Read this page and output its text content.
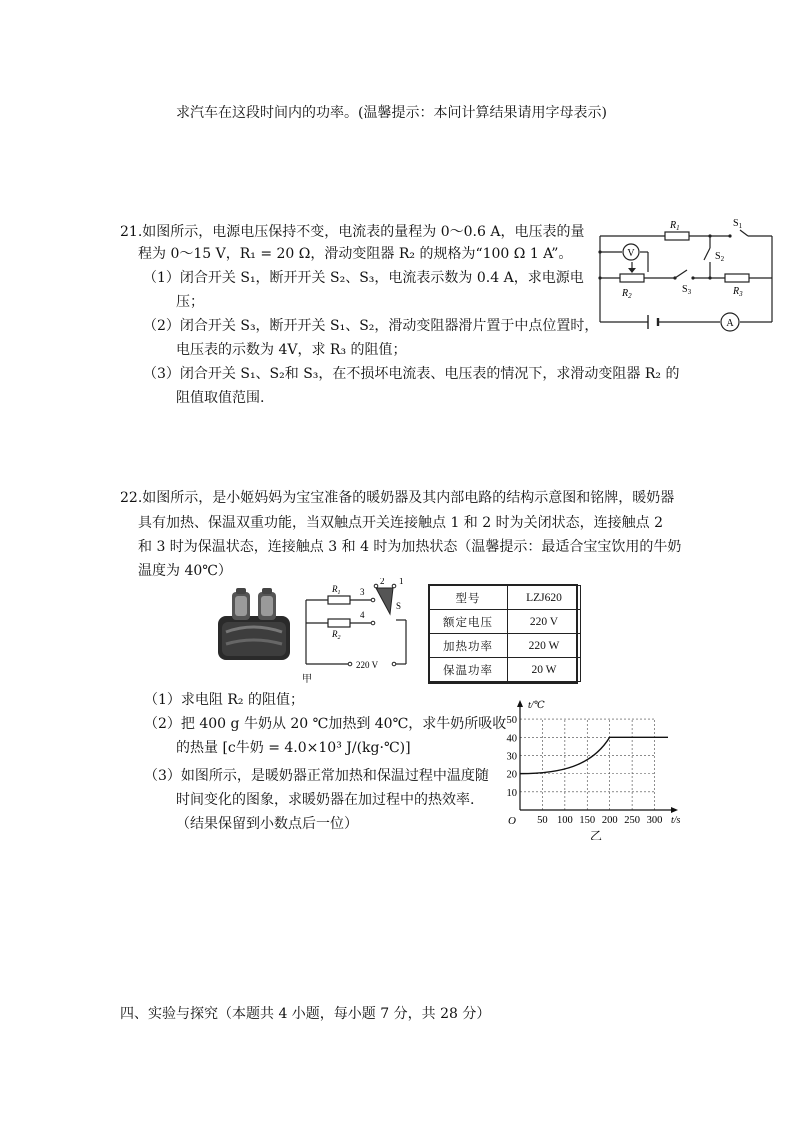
求汽车在这段时间内的功率。(温馨提示：本问计算结果请用字母表示)
21.如图所示，电源电压保持不变，电流表的量程为 0～0.6 A，电压表的量
程为 0～15 V，R₁ = 20 Ω，滑动变阻器 R₂ 的规格为“100 Ω 1 A”。
（1）闭合开关 S₁，断开开关 S₂、S₃，电流表示数为 0.4 A，求电源电
压；
（2）闭合开关 S₃，断开开关 S₁、S₂，滑动变阻器滑片置于中点位置时，
电压表的示数为 4V，求 R₃ 的阻值；
（3）闭合开关 S₁、S₂和 S₃，在不损坏电流表、电压表的情况下，求滑动变阻器 R₂ 的
阻值取值范围.
V
A
$R_1$
$R_2$	$R_3$
$S_1$
$S_2$
$S_3$
22.如图所示，是小姬妈妈为宝宝准备的暖奶器及其内部电路的结构示意图和铭牌，暖奶器
具有加热、保温双重功能，当双触点开关连接触点 1 和 2 时为关闭状态，连接触点 2
和 3 时为保温状态，连接触点 3 和 4 时为加热状态（温馨提示：最适合宝宝饮用的牛奶
温度为 40℃）
$R_1$
$R_2$
3
4
2 1
S
220 V
甲
型号	LZJ620
额定电压	220 V
加热功率	220 W
保温功率	20 W
（1）求电阻 R₂ 的阻值；
（2）把 400 g 牛奶从 20 ℃加热到 40℃，求牛奶所吸收
的热量 [c牛奶 = 4.0×10³ J/(kg·℃)]
（3）如图所示，是暖奶器正常加热和保温过程中温度随
时间变化的图象，求暖奶器在加过程中的热效率.
（结果保留到小数点后一位）	50 100 150 200 250 300
10
20
30
40
50
O	t/s
t/℃
乙
四、实验与探究（本题共 4 小题，每小题 7 分，共 28 分）
